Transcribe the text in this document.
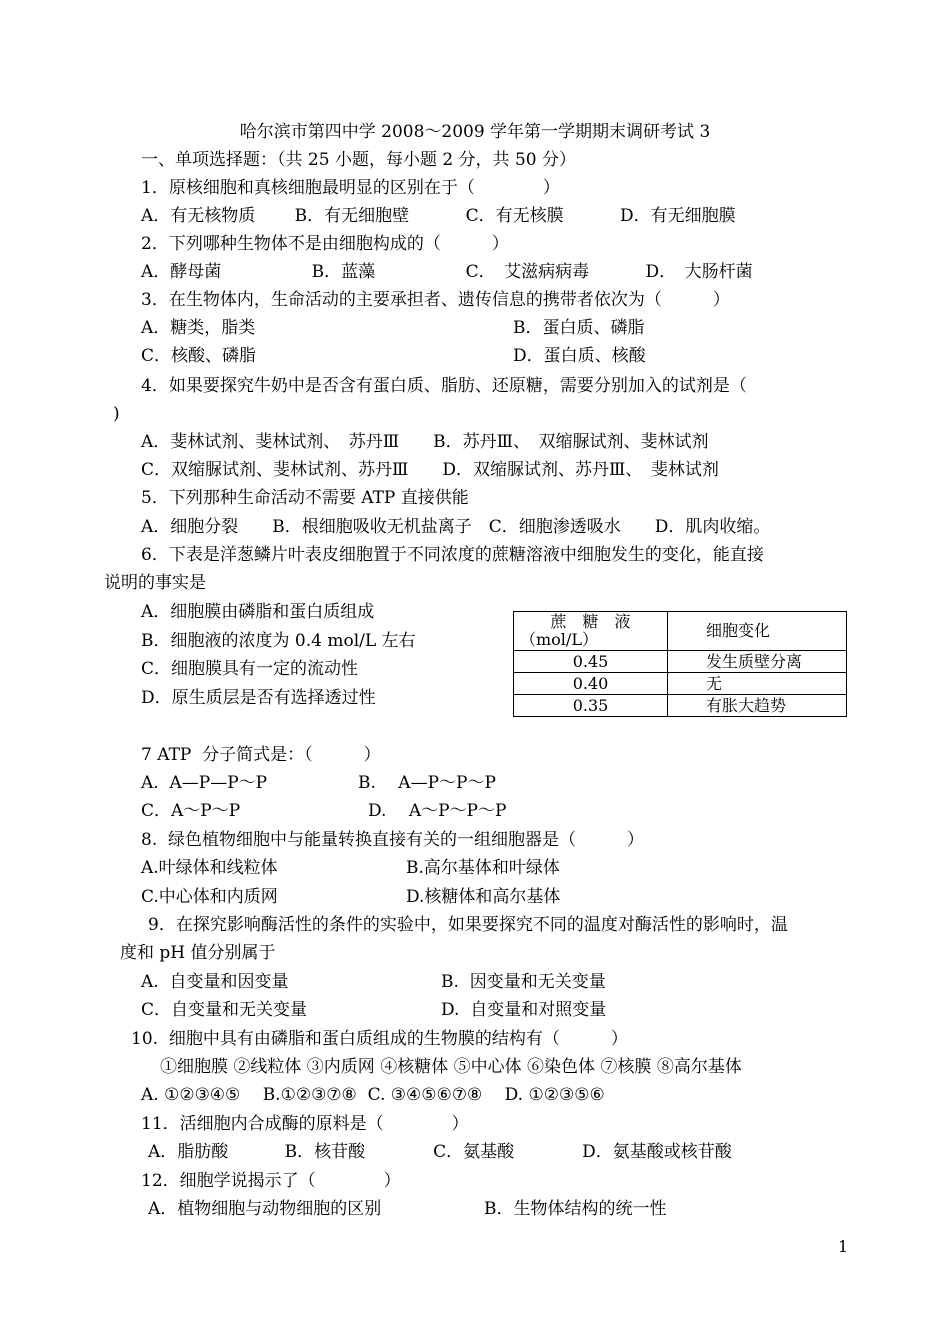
哈尔滨市第四中学 2008～2009 学年第一学期期末调研考试 3
一、单项选择题：（共 25 小题，每小题 2 分，共 50 分）
1．原核细胞和真核细胞最明显的区别在于（　　　　）
A．有无核物质　　 B．有无细胞壁　　　 C．有无核膜　　　 D．有无细胞膜
2．下列哪种生物体不是由细胞构成的（　　　）
A．酵母菌　　　　　 B．蓝藻　　　　　 C．　艾滋病病毒　　　 D．　大肠杆菌
3．在生物体内，生命活动的主要承担者、遗传信息的携带者依次为（　　　）
A．糖类，脂类	B．蛋白质、磷脂
C．核酸、磷脂	D．蛋白质、核酸
4．如果要探究牛奶中是否含有蛋白质、脂肪、还原糖，需要分别加入的试剂是（
)
A．斐林试剂、斐林试剂、　苏丹Ⅲ　　B．苏丹Ⅲ、　双缩脲试剂、斐林试剂
C．双缩脲试剂、斐林试剂、苏丹Ⅲ　　D．双缩脲试剂、苏丹Ⅲ、　斐林试剂
5．下列那种生命活动不需要 ATP 直接供能
A．细胞分裂　　B．根细胞吸收无机盐离子　C．细胞渗透吸水　　D．肌肉收缩。
6．下表是洋葱鳞片叶表皮细胞置于不同浓度的蔗糖溶液中细胞发生的变化，能直接
说明的事实是
A．细胞膜由磷脂和蛋白质组成
B．细胞液的浓度为 0.4 mol/L 左右
C．细胞膜具有一定的流动性
D．原生质层是否有选择透过性
蔗　糖　液
（mol/L）	细胞变化
0.45	发生质壁分离
0.40	无
0.35	有胀大趋势
7 ATP  分子简式是：（　　　）
A.  A—P—P～P	B.　 A—P～P～P
C．A～P～P	D.　 A～P～P～P
8.  绿色植物细胞中与能量转换直接有关的一组细胞器是（　　　）
A.叶绿体和线粒体	B.高尔基体和叶绿体
C.中心体和内质网	D.核糖体和高尔基体
9．在探究影响酶活性的条件的实验中，如果要探究不同的温度对酶活性的影响时，温
度和 pH 值分别属于
A.  自变量和因变量	B.  因变量和无关变量
C．自变量和无关变量	D.  自变量和对照变量
10.  细胞中具有由磷脂和蛋白质组成的生物膜的结构有（　　　）
①细胞膜 ②线粒体 ③内质网 ④核糖体 ⑤中心体 ⑥染色体 ⑦核膜 ⑧高尔基体
A. ①②③④⑤　 B.①②③⑦⑧  C. ③④⑤⑥⑦⑧　 D. ①②③⑤⑥
11．活细胞内合成酶的原料是（　　　　）
A．脂肪酸　　　 B．核苷酸　　　　C．氨基酸　　　　D．氨基酸或核苷酸
12．细胞学说揭示了（　　　　）
A．植物细胞与动物细胞的区别	B．生物体结构的统一性
1
